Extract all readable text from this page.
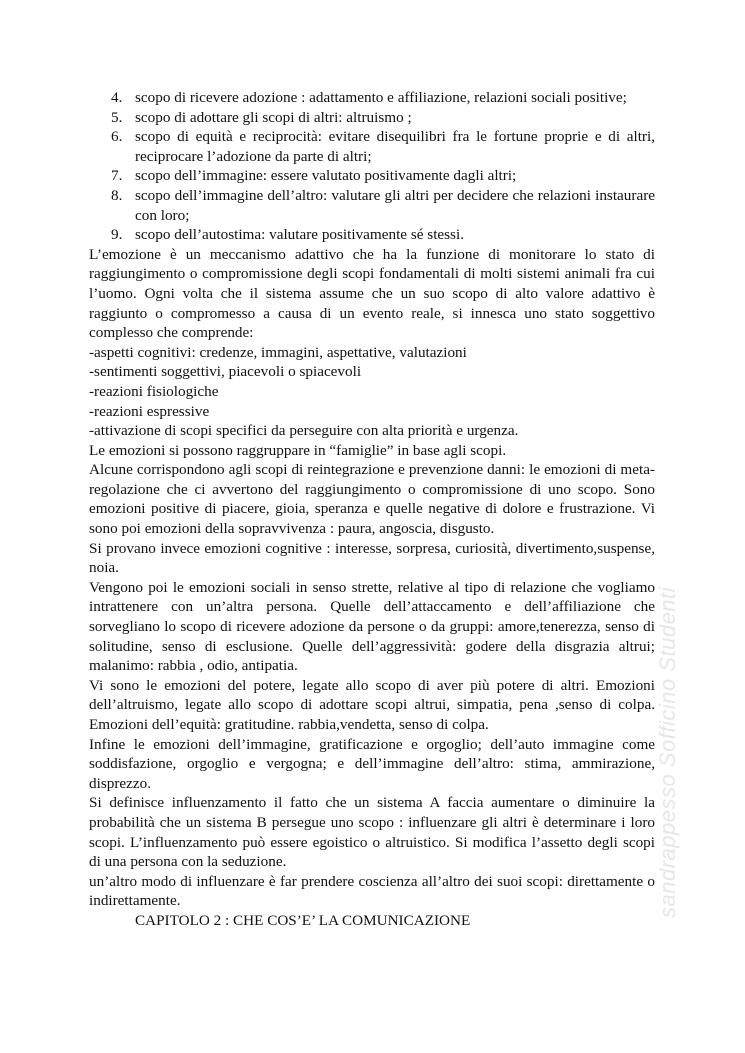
4. scopo di ricevere adozione : adattamento e affiliazione, relazioni sociali positive;
5. scopo di adottare gli scopi di altri: altruismo ;
6. scopo di equità e reciprocità: evitare disequilibri fra le fortune proprie e di altri, reciprocare l’adozione da parte di altri;
7. scopo dell’immagine: essere valutato positivamente dagli altri;
8. scopo dell’immagine dell’altro: valutare gli altri per decidere che relazioni instaurare con loro;
9. scopo dell’autostima: valutare positivamente sé stessi.

L’emozione è un meccanismo adattivo che ha la funzione di monitorare lo stato di raggiungimento o compromissione degli scopi fondamentali di molti sistemi animali fra cui l’uomo. Ogni volta che il sistema assume che un suo scopo di alto valore adattivo è raggiunto o compromesso a causa di un evento reale, si innesca uno stato soggettivo complesso che comprende:

-aspetti cognitivi: credenze, immagini, aspettative, valutazioni

-sentimenti soggettivi, piacevoli o spiacevoli

-reazioni fisiologiche

-reazioni espressive

-attivazione di scopi specifici da perseguire con alta priorità e urgenza.

Le emozioni si possono raggruppare in “famiglie” in base agli scopi.

Alcune corrispondono agli scopi di reintegrazione e prevenzione danni: le emozioni di meta-regolazione che ci avvertono del raggiungimento o compromissione di uno scopo. Sono emozioni positive di piacere, gioia, speranza e quelle negative di dolore e frustrazione. Vi sono poi emozioni della sopravvivenza : paura, angoscia, disgusto.

Si provano invece emozioni cognitive : interesse, sorpresa, curiosità, divertimento,suspense, noia.

Vengono poi le emozioni sociali in senso strette, relative al tipo di relazione che vogliamo intrattenere con un’altra persona. Quelle dell’attaccamento e dell’affiliazione che sorvegliano lo scopo di ricevere adozione da persone o da gruppi: amore,tenerezza, senso di solitudine, senso di esclusione. Quelle dell’aggressività: godere della disgrazia altrui; malanimo: rabbia , odio, antipatia.

Vi sono le emozioni del potere, legate allo scopo di aver più potere di altri. Emozioni dell’altruismo, legate allo scopo di adottare scopi altrui, simpatia, pena ,senso di colpa. Emozioni dell’equità: gratitudine. rabbia,vendetta, senso di colpa.

Infine le emozioni dell’immagine, gratificazione e orgoglio; dell’auto immagine come soddisfazione, orgoglio e vergogna; e dell’immagine dell’altro: stima, ammirazione, disprezzo.

Si definisce influenzamento il fatto che un sistema A faccia aumentare o diminuire la probabilità che un sistema B persegue uno scopo : influenzare gli altri è determinare i loro scopi. L’influenzamento può essere egoistico o altruistico. Si modifica l’assetto degli scopi di una persona con la seduzione.

un’altro modo di influenzare è far prendere coscienza all’altro dei suoi scopi: direttamente o indirettamente.

CAPITOLO 2 : CHE COS’E’ LA COMUNICAZIONE

sandrappesso Sofficino Studenti
